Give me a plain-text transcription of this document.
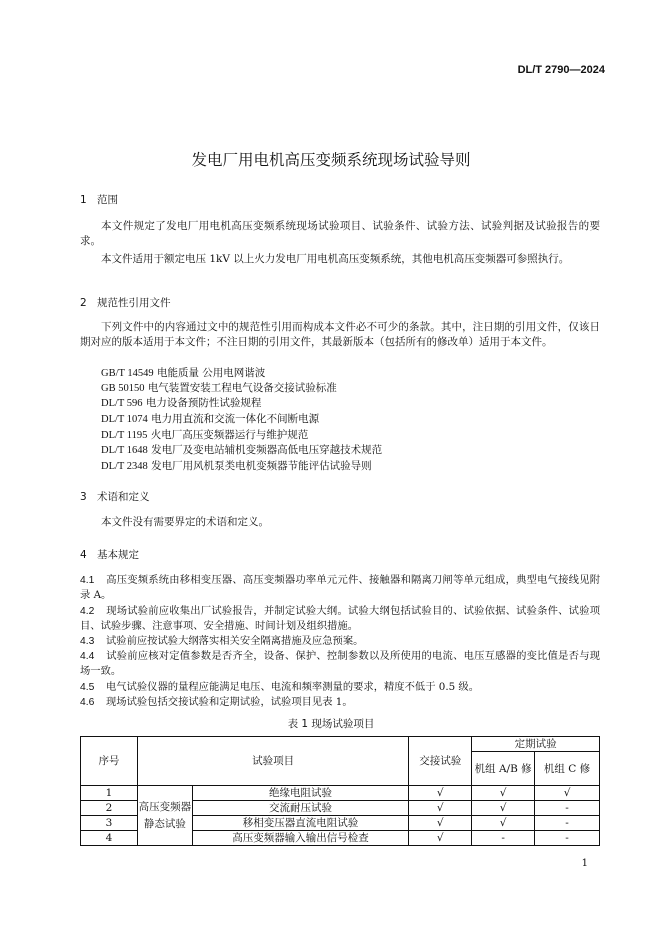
DL/T 2790—2024
发电厂用电机高压变频系统现场试验导则
1 范围
本文件规定了发电厂用电机高压变频系统现场试验项目、试验条件、试验方法、试验判据及试验报告的要求。
本文件适用于额定电压 1kV 以上火力发电厂用电机高压变频系统，其他电机高压变频器可参照执行。
2 规范性引用文件
下列文件中的内容通过文中的规范性引用而构成本文件必不可少的条款。其中，注日期的引用文件，仅该日期对应的版本适用于本文件；不注日期的引用文件，其最新版本（包括所有的修改单）适用于本文件。
GB/T 14549 电能质量 公用电网谐波
GB 50150 电气装置安装工程电气设备交接试验标准
DL/T 596 电力设备预防性试验规程
DL/T 1074 电力用直流和交流一体化不间断电源
DL/T 1195 火电厂高压变频器运行与维护规范
DL/T 1648 发电厂及变电站辅机变频器高低电压穿越技术规范
DL/T 2348 发电厂用风机泵类电机变频器节能评估试验导则
3 术语和定义
本文件没有需要界定的术语和定义。
4 基本规定
4.1 高压变频系统由移相变压器、高压变频器功率单元元件、接触器和隔离刀闸等单元组成，典型电气接线见附录 A。
4.2 现场试验前应收集出厂试验报告，并制定试验大纲。试验大纲包括试验目的、试验依据、试验条件、试验项目、试验步骤、注意事项、安全措施、时间计划及组织措施。
4.3 试验前应按试验大纲落实相关安全隔离措施及应急预案。
4.4 试验前应核对定值参数是否齐全，设备、保护、控制参数以及所使用的电流、电压互感器的变比值是否与现场一致。
4.5 电气试验仪器的量程应能满足电压、电流和频率测量的要求，精度不低于 0.5 级。
4.6 现场试验包括交接试验和定期试验，试验项目见表 1。
表 1 现场试验项目
序号	试验项目		交接试验	定期试验	
				机组 A/B 修	机组 C 修
1	高压变频器静态试验	绝缘电阻试验	√	√	√
2		交流耐压试验	√	√	-
3		移相变压器直流电阻试验	√	√	-
4		高压变频器输入输出信号检查	√	-	-
1
